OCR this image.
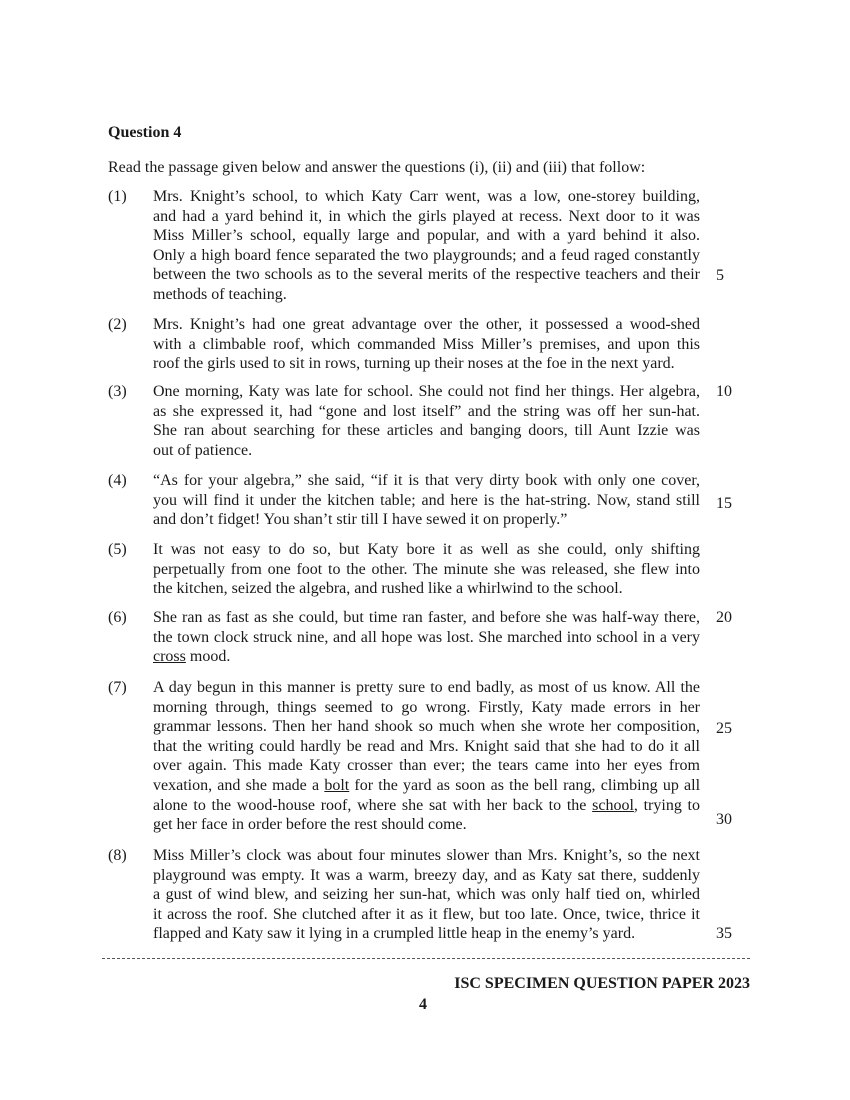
Question 4
Read the passage given below and answer the questions (i), (ii) and (iii) that follow:
(1) Mrs. Knight’s school, to which Katy Carr went, was a low, one-storey building,
and had a yard behind it, in which the girls played at recess. Next door to it was
Miss Miller’s school, equally large and popular, and with a yard behind it also.
Only a high board fence separated the two playgrounds; and a feud raged constantly
between the two schools as to the several merits of the respective teachers and their
methods of teaching.
(2) Mrs. Knight’s had one great advantage over the other, it possessed a wood-shed
with a climbable roof, which commanded Miss Miller’s premises, and upon this
roof the girls used to sit in rows, turning up their noses at the foe in the next yard.
(3) One morning, Katy was late for school. She could not find her things. Her algebra,
as she expressed it, had “gone and lost itself” and the string was off her sun-hat.
She ran about searching for these articles and banging doors, till Aunt Izzie was
out of patience.
(4) “As for your algebra,” she said, “if it is that very dirty book with only one cover,
you will find it under the kitchen table; and here is the hat-string. Now, stand still
and don’t fidget! You shan’t stir till I have sewed it on properly.”
(5) It was not easy to do so, but Katy bore it as well as she could, only shifting
perpetually from one foot to the other. The minute she was released, she flew into
the kitchen, seized the algebra, and rushed like a whirlwind to the school.
(6) She ran as fast as she could, but time ran faster, and before she was half-way there,
the town clock struck nine, and all hope was lost. She marched into school in a very
cross mood.
(7) A day begun in this manner is pretty sure to end badly, as most of us know. All the
morning through, things seemed to go wrong. Firstly, Katy made errors in her
grammar lessons. Then her hand shook so much when she wrote her composition,
that the writing could hardly be read and Mrs. Knight said that she had to do it all
over again. This made Katy crosser than ever; the tears came into her eyes from
vexation, and she made a bolt for the yard as soon as the bell rang, climbing up all
alone to the wood-house roof, where she sat with her back to the school, trying to
get her face in order before the rest should come.
(8) Miss Miller’s clock was about four minutes slower than Mrs. Knight’s, so the next
playground was empty. It was a warm, breezy day, and as Katy sat there, suddenly
a gust of wind blew, and seizing her sun-hat, which was only half tied on, whirled
it across the roof. She clutched after it as it flew, but too late. Once, twice, thrice it
flapped and Katy saw it lying in a crumpled little heap in the enemy’s yard.
5
10
15
20
25
30
35
ISC SPECIMEN QUESTION PAPER 2023
4
